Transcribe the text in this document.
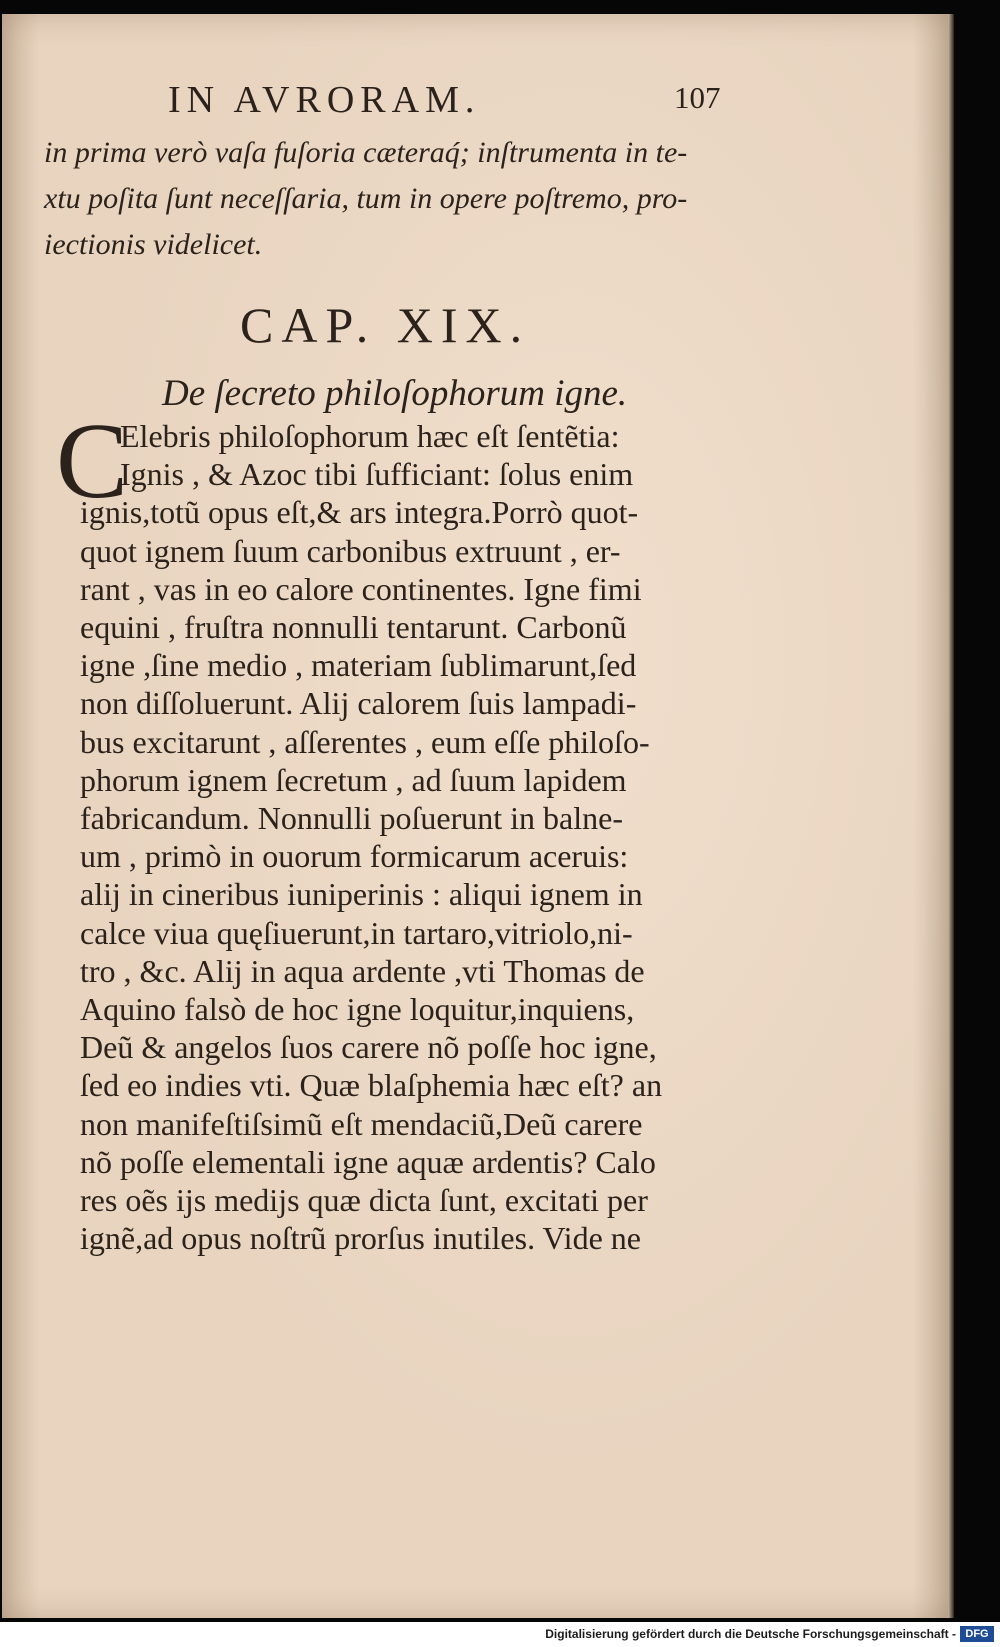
IN AVRORAM.	107
in prima verò vaſa fuſoria cæteraq́; inſtrumenta in te-
xtu poſita ſunt neceſſaria, tum in opere poſtremo, pro-
iectionis videlicet.
CAP. XIX.
De ſecreto philoſophorum igne.
C
Elebris philoſophorum hæc eſt ſentẽtia:
Ignis , & Azoc tibi ſufficiant: ſolus enim
ignis,totũ opus eſt,& ars integra.Porrò quot-
quot ignem ſuum carbonibus extruunt , er-
rant , vas in eo calore continentes. Igne fimi
equini , fruſtra nonnulli tentarunt. Carbonũ
igne ,ſine medio , materiam ſublimarunt,ſed
non diſſoluerunt. Alij calorem ſuis lampadi-
bus excitarunt , aſſerentes , eum eſſe philoſo-
phorum ignem ſecretum , ad ſuum lapidem
fabricandum. Nonnulli poſuerunt in balne-
um , primò in ouorum formicarum aceruis:
alij in cineribus iuniperinis : aliqui ignem in
calce viua quęſiuerunt,in tartaro,vitriolo,ni-
tro , &c. Alij in aqua ardente ,vti Thomas de
Aquino falsò de hoc igne loquitur,inquiens,
Deũ & angelos ſuos carere nõ poſſe hoc igne,
ſed eo indies vti. Quæ blaſphemia hæc eſt? an
non manifeſtiſsimũ eſt mendaciũ,Deũ carere
nõ poſſe elementali igne aquæ ardentis? Calo
res oẽs ijs medijs quæ dicta ſunt, excitati per
ignẽ,ad opus noſtrũ prorſus inutiles. Vide ne
Digitalisierung gefördert durch die Deutsche Forschungsgemeinschaft - DFG
